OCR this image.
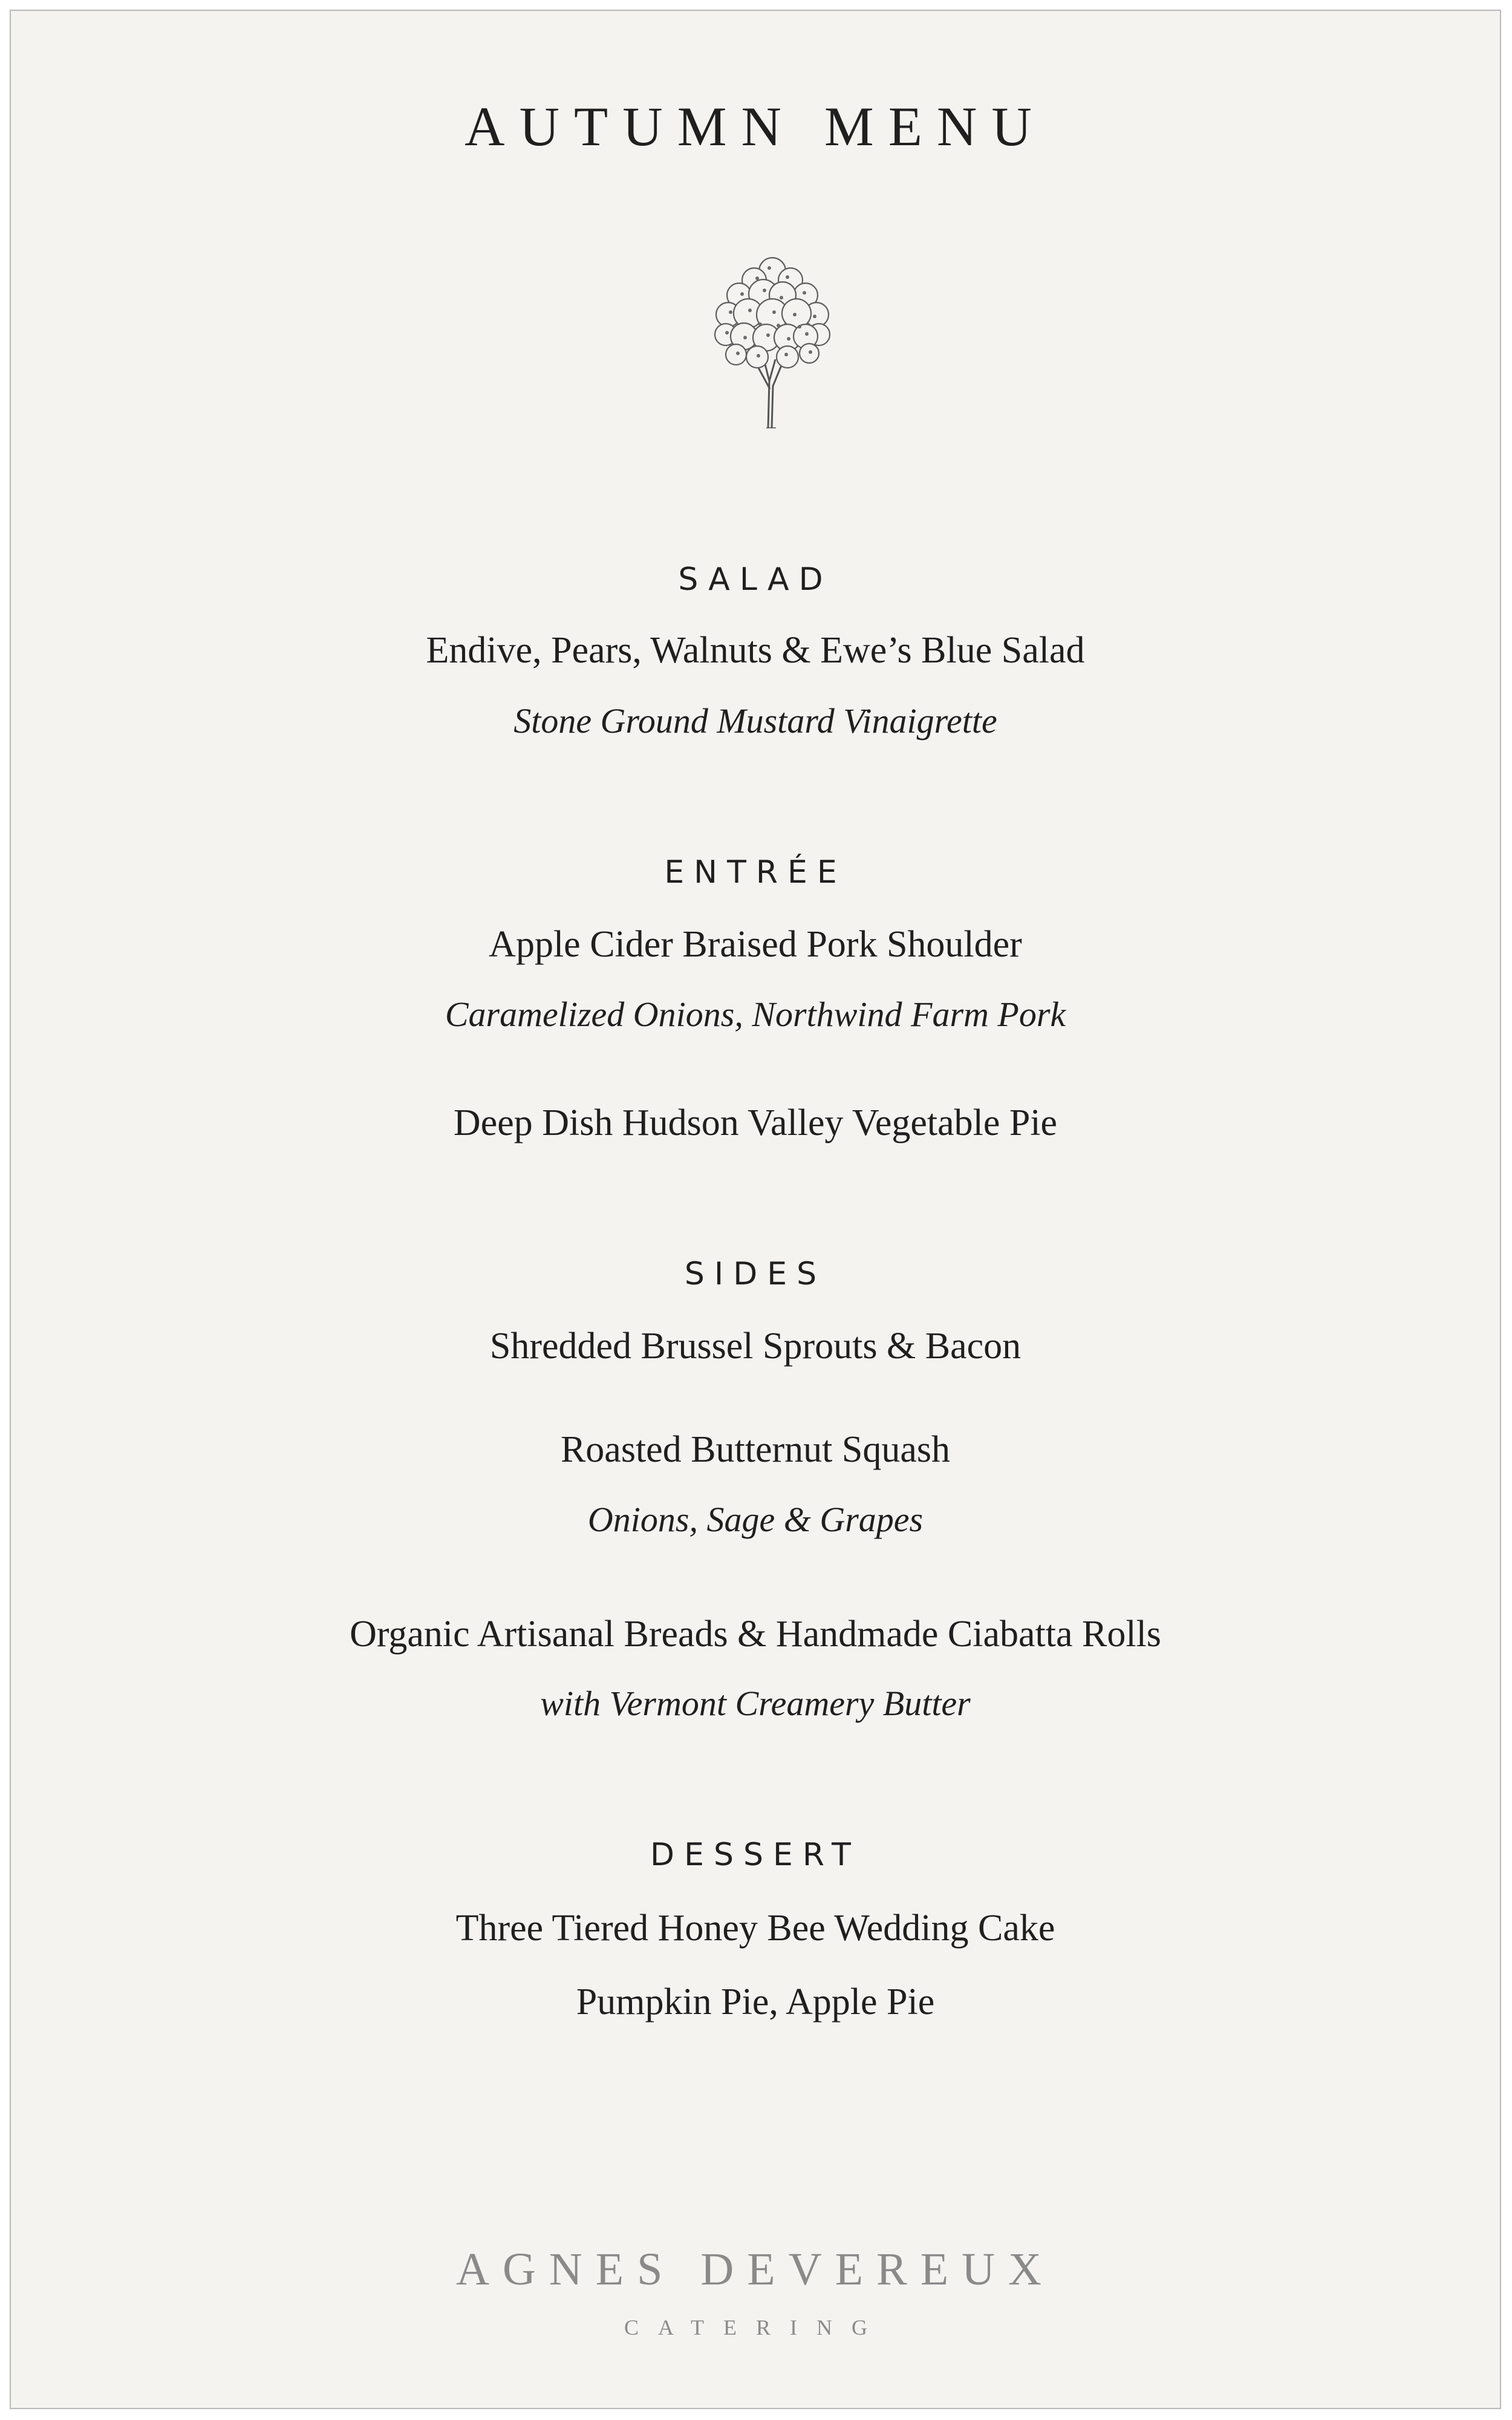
AUTUMN MENU
SALAD
Endive, Pears, Walnuts & Ewe’s Blue Salad
Stone Ground Mustard Vinaigrette
ENTRÉE
Apple Cider Braised Pork Shoulder
Caramelized Onions, Northwind Farm Pork
Deep Dish Hudson Valley Vegetable Pie
SIDES
Shredded Brussel Sprouts & Bacon
Roasted Butternut Squash
Onions, Sage & Grapes
Organic Artisanal Breads & Handmade Ciabatta Rolls
with Vermont Creamery Butter
DESSERT
Three Tiered Honey Bee Wedding Cake
Pumpkin Pie, Apple Pie
AGNES DEVEREUX
CATERING
